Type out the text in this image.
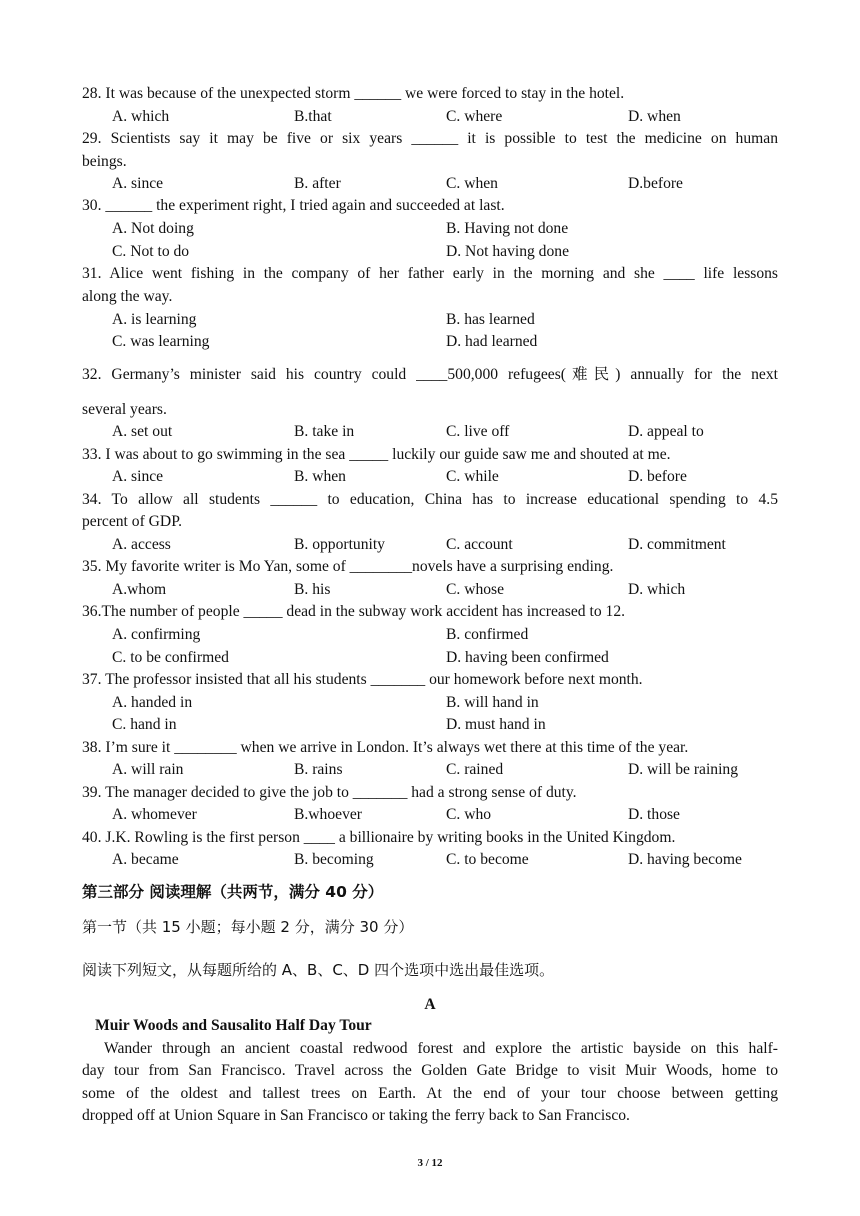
28. It was because of the unexpected storm ______ we were forced to stay in the hotel.
A. which	B.that	C. where	D. when
29. Scientists say it may be five or six years ______ it is possible to test the medicine on human
beings.
A. since	B. after	C. when	D.before
30. ______ the experiment right, I tried again and succeeded at last.
A. Not doing	B. Having not done
C. Not to do	D. Not having done
31. Alice went fishing in the company of her father early in the morning and she ____ life lessons
along the way.
A. is learning	B. has learned
C. was learning	D. had learned
32. Germany’s minister said his country could ____500,000 refugees(难民) annually for the next
several years.
A. set out	B. take in	C. live off	D. appeal to
33. I was about to go swimming in the sea _____ luckily our guide saw me and shouted at me.
A. since	B. when	C. while	D. before
34. To allow all students ______ to education, China has to increase educational spending to 4.5
percent of GDP.
A. access	B. opportunity	C. account	D. commitment
35. My favorite writer is Mo Yan, some of ________novels have a surprising ending.
A.whom	B. his	C. whose	D. which
36.The number of people _____ dead in the subway work accident has increased to 12.
A. confirming	B. confirmed
C. to be confirmed	D. having been confirmed
37. The professor insisted that all his students _______ our homework before next month.
A. handed in	B. will hand in
C. hand in	D. must hand in
38. I’m sure it ________ when we arrive in London. It’s always wet there at this time of the year.
A. will rain	B. rains	C. rained	D. will be raining
39. The manager decided to give the job to _______ had a strong sense of duty.
A. whomever	B.whoever	C. who	D. those
40. J.K. Rowling is the first person ____ a billionaire by writing books in the United Kingdom.
A. became	B. becoming	C. to become	D. having become
第三部分 阅读理解（共两节，满分 40 分）
第一节（共 15 小题；每小题 2 分，满分 30 分）
阅读下列短文，从每题所给的 A、B、C、D 四个选项中选出最佳选项。
A
Muir Woods and Sausalito Half Day Tour
Wander through an ancient coastal redwood forest and explore the artistic bayside on this half-
day tour from San Francisco. Travel across the Golden Gate Bridge to visit Muir Woods, home to
some of the oldest and tallest trees on Earth. At the end of your tour choose between getting
dropped off at Union Square in San Francisco or taking the ferry back to San Francisco.
3 / 12
